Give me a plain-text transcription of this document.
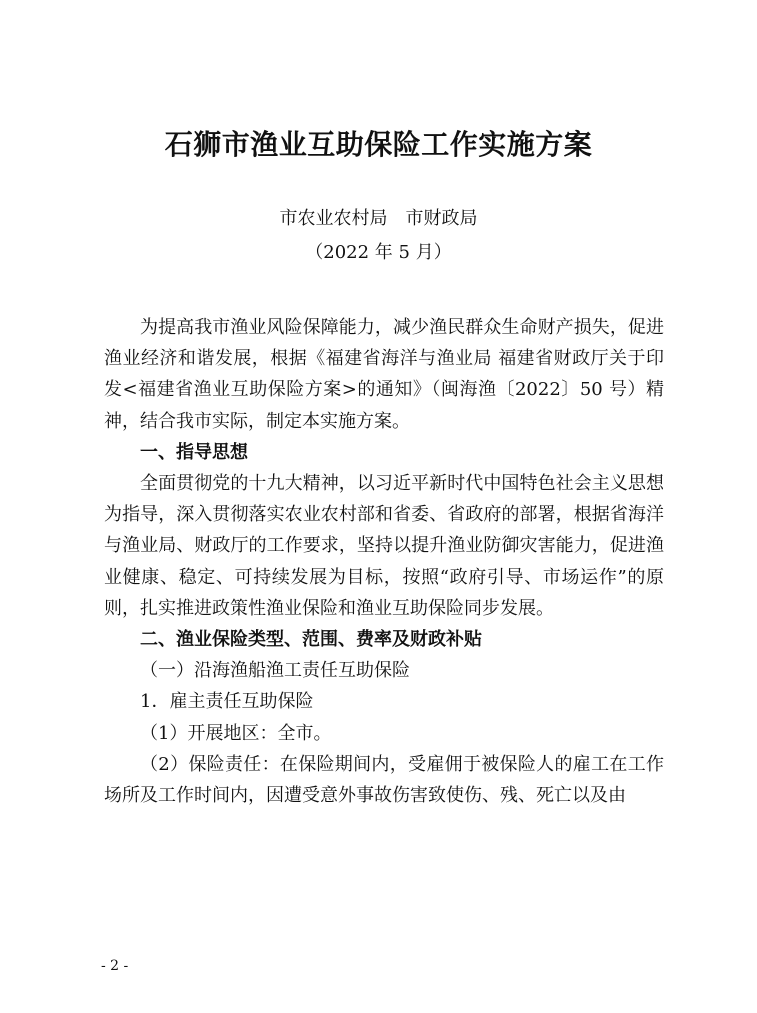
石狮市渔业互助保险工作实施方案
市农业农村局 市财政局
（2022 年 5 月）

为提高我市渔业风险保障能力，减少渔民群众生命财产损失，促进渔业经济和谐发展，根据《福建省海洋与渔业局 福建省财政厅关于印发<福建省渔业互助保险方案>的通知》（闽海渔〔2022〕50 号）精神，结合我市实际，制定本实施方案。

一、指导思想

全面贯彻党的十九大精神，以习近平新时代中国特色社会主义思想为指导，深入贯彻落实农业农村部和省委、省政府的部署，根据省海洋与渔业局、财政厅的工作要求，坚持以提升渔业防御灾害能力，促进渔业健康、稳定、可持续发展为目标，按照“政府引导、市场运作”的原则，扎实推进政策性渔业保险和渔业互助保险同步发展。

二、渔业保险类型、范围、费率及财政补贴

（一）沿海渔船渔工责任互助保险

1．雇主责任互助保险

（1）开展地区：全市。

（2）保险责任：在保险期间内，受雇佣于被保险人的雇工在工作场所及工作时间内，因遭受意外事故伤害致使伤、残、死亡以及由

- 2 -
